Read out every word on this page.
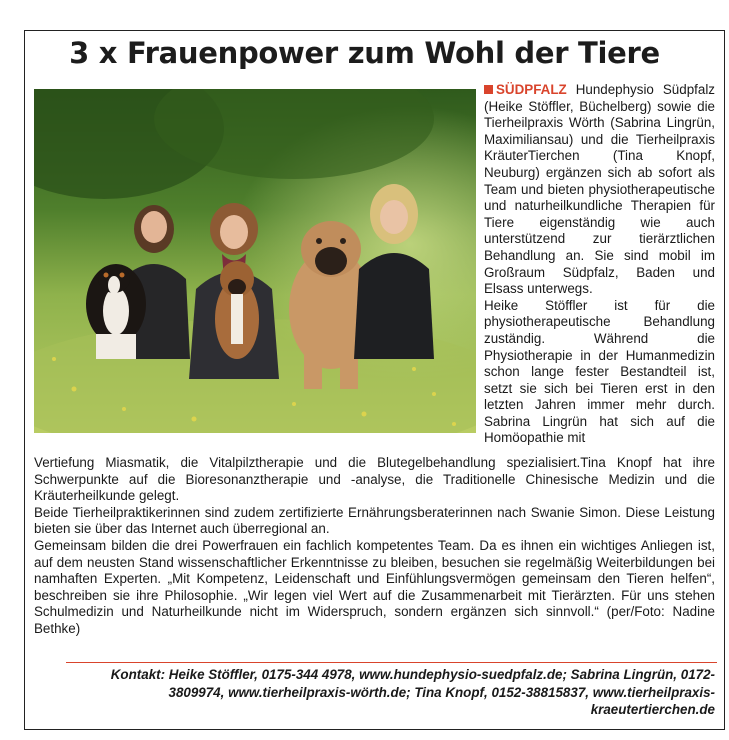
3 x Frauenpower zum Wohl der Tiere

SÜDPFALZ Hundephysio Südpfalz (Heike Stöffler, Büchelberg) sowie die Tierheilpraxis Wörth (Sabrina Lingrün, Maximiliansau) und die Tierheilpraxis KräuterTierchen (Tina Knopf, Neuburg) ergänzen sich ab sofort als Team und bieten physiotherapeutische und naturheilkundliche Therapien für Tiere eigenständig wie auch unterstützend zur tierärztlichen Behandlung an. Sie sind mobil im Großraum Südpfalz, Baden und Elsass unterwegs.

Heike Stöffler ist für die physiotherapeutische Behandlung zuständig. Während die Physiotherapie in der Humanmedizin schon lange fester Bestandteil ist, setzt sie sich bei Tieren erst in den letzten Jahren immer mehr durch. Sabrina Lingrün hat sich auf die Homöopathie mit

Vertiefung Miasmatik, die Vitalpilztherapie und die Blutegelbehandlung spezialisiert.Tina Knopf hat ihre Schwerpunkte auf die Bioresonanztherapie und -analyse, die Traditionelle Chinesische Medizin und die Kräuterheilkunde gelegt.

Beide Tierheilpraktikerinnen sind zudem zertifizierte Ernährungsberaterinnen nach Swanie Simon. Diese Leistung bieten sie über das Internet auch überregional an.

Gemeinsam bilden die drei Powerfrauen ein fachlich kompetentes Team. Da es ihnen ein wichtiges Anliegen ist, auf dem neusten Stand wissenschaftlicher Erkenntnisse zu bleiben, besuchen sie regelmäßig Weiterbildungen bei namhaften Experten. „Mit Kompetenz, Leidenschaft und Einfühlungsvermögen gemeinsam den Tieren helfen“, beschreiben sie ihre Philosophie. „Wir legen viel Wert auf die Zusammenarbeit mit Tierärzten. Für uns stehen Schulmedizin und Naturheilkunde nicht im Widerspruch, sondern ergänzen sich sinnvoll.“ (per/Foto: Nadine Bethke)

Kontakt: Heike Stöffler, 0175-344 4978, www.hundephysio-suedpfalz.de; Sabrina Lingrün, 0172-3809974, www.tierheilpraxis-wörth.de; Tina Knopf, 0152-38815837, www.tierheilpraxis-kraeutertierchen.de
